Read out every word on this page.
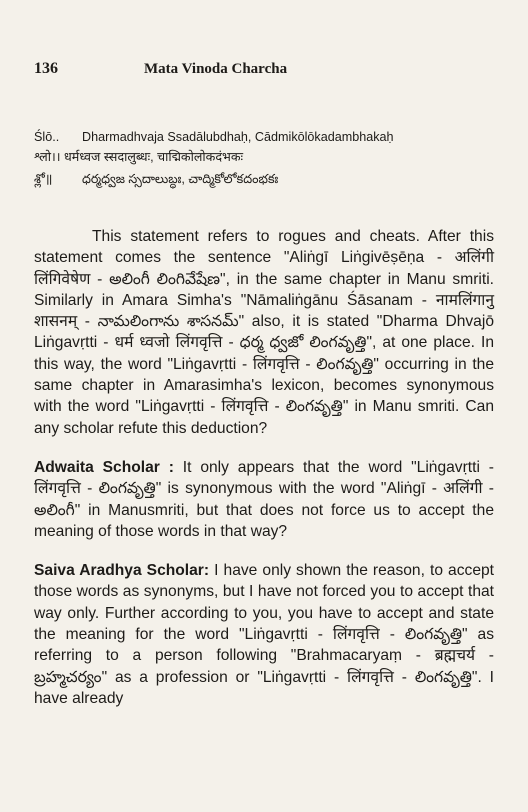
136	Mata Vinoda Charcha
Ślō.. Dharmadhvaja Ssadālubdhaḥ, Cādmikōlōkadambhakaḥ
श्लो।। धर्मध्वज स्सदालुब्धः, चाद्मिकोलोकदंभकः
శ్లో॥ ధర్మధ్వజ స్సదాలుబ్ధః, చాద్మికోలోకదంభకః

This statement refers to rogues and cheats. After this statement comes the sentence "Aliṅgī Liṅgivēṣēṇa - अलिंगी लिंगिवेषेण - అలింగీ లింగివేషేణ", in the same chapter in Manu smriti. Similarly in Amara Simha's "Nāmaliṅgānu Śāsanam - नामलिंगानु शासनम् - నామలింగాను శాసనమ్" also, it is stated "Dharma Dhvajō Liṅgavṛtti - धर्म ध्वजो लिंगवृत्ति - ధర్మ ధ్వజో లింగవృత్తి", at one place. In this way, the word "Liṅgavṛtti - लिंगवृत्ति - లింగవృత్తి" occurring in the same chapter in Amarasimha's lexicon, becomes synonymous with the word "Liṅgavṛtti - लिंगवृत्ति - లింగవృత్తి" in Manu smriti. Can any scholar refute this deduction?

Adwaita Scholar : It only appears that the word "Liṅgavṛtti - लिंगवृत्ति - లింగవృత్తి" is synonymous with the word "Aliṅgī - अलिंगी - అలింగీ" in Manusmriti, but that does not force us to accept the meaning of those words in that way?

Saiva Aradhya Scholar: I have only shown the reason, to accept those words as synonyms, but I have not forced you to accept that way only. Further according to you, you have to accept and state the meaning for the word "Liṅgavṛtti - लिंगवृत्ति - లింగవృత్తి" as referring to a person following "Brahmacaryaṃ - ब्रह्मचर्य - బ్రహ్మచర్యం" as a profession or "Liṅgavṛtti - लिंगवृत्ति - లింగవృత్తి". I have already
